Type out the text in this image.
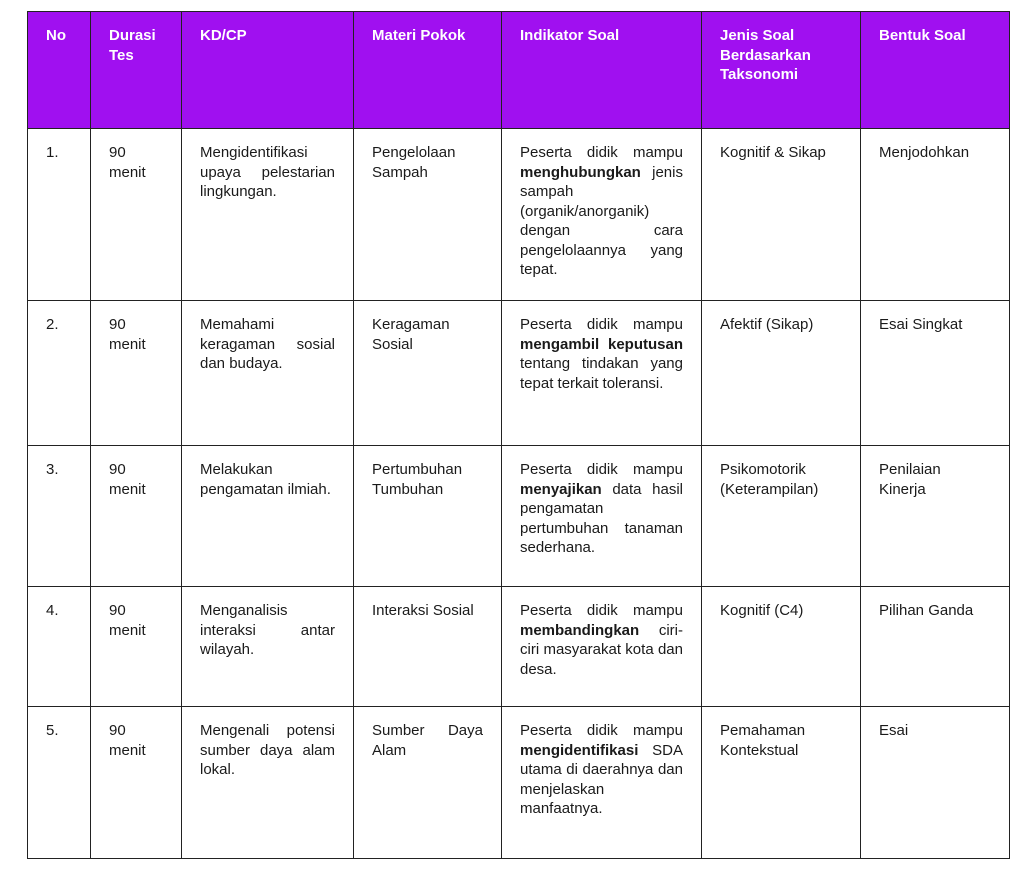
No	Durasi Tes	KD/CP	Materi Pokok	Indikator Soal	Jenis Soal Berdasarkan Taksonomi	Bentuk Soal
1.	90 menit	Mengidentifikasi upaya pelestarian lingkungan.	Pengelolaan Sampah	Peserta didik mampu menghubungkan jenis sampah (organik/anorganik) dengan cara pengelolaannya yang tepat.	Kognitif & Sikap	Menjodohkan
2.	90 menit	Memahami keragaman sosial dan budaya.	Keragaman Sosial	Peserta didik mampu mengambil keputusan tentang tindakan yang tepat terkait toleransi.	Afektif (Sikap)	Esai Singkat
3.	90 menit	Melakukan pengamatan ilmiah.	Pertumbuhan Tumbuhan	Peserta didik mampu menyajikan data hasil pengamatan pertumbuhan tanaman sederhana.	Psikomotorik (Keterampilan)	Penilaian Kinerja
4.	90 menit	Menganalisis interaksi antar wilayah.	Interaksi Sosial	Peserta didik mampu membandingkan ciri-ciri masyarakat kota dan desa.	Kognitif (C4)	Pilihan Ganda
5.	90 menit	Mengenali potensi sumber daya alam lokal.	Sumber Daya Alam	Peserta didik mampu mengidentifikasi SDA utama di daerahnya dan menjelaskan manfaatnya.	Pemahaman Kontekstual	Esai
